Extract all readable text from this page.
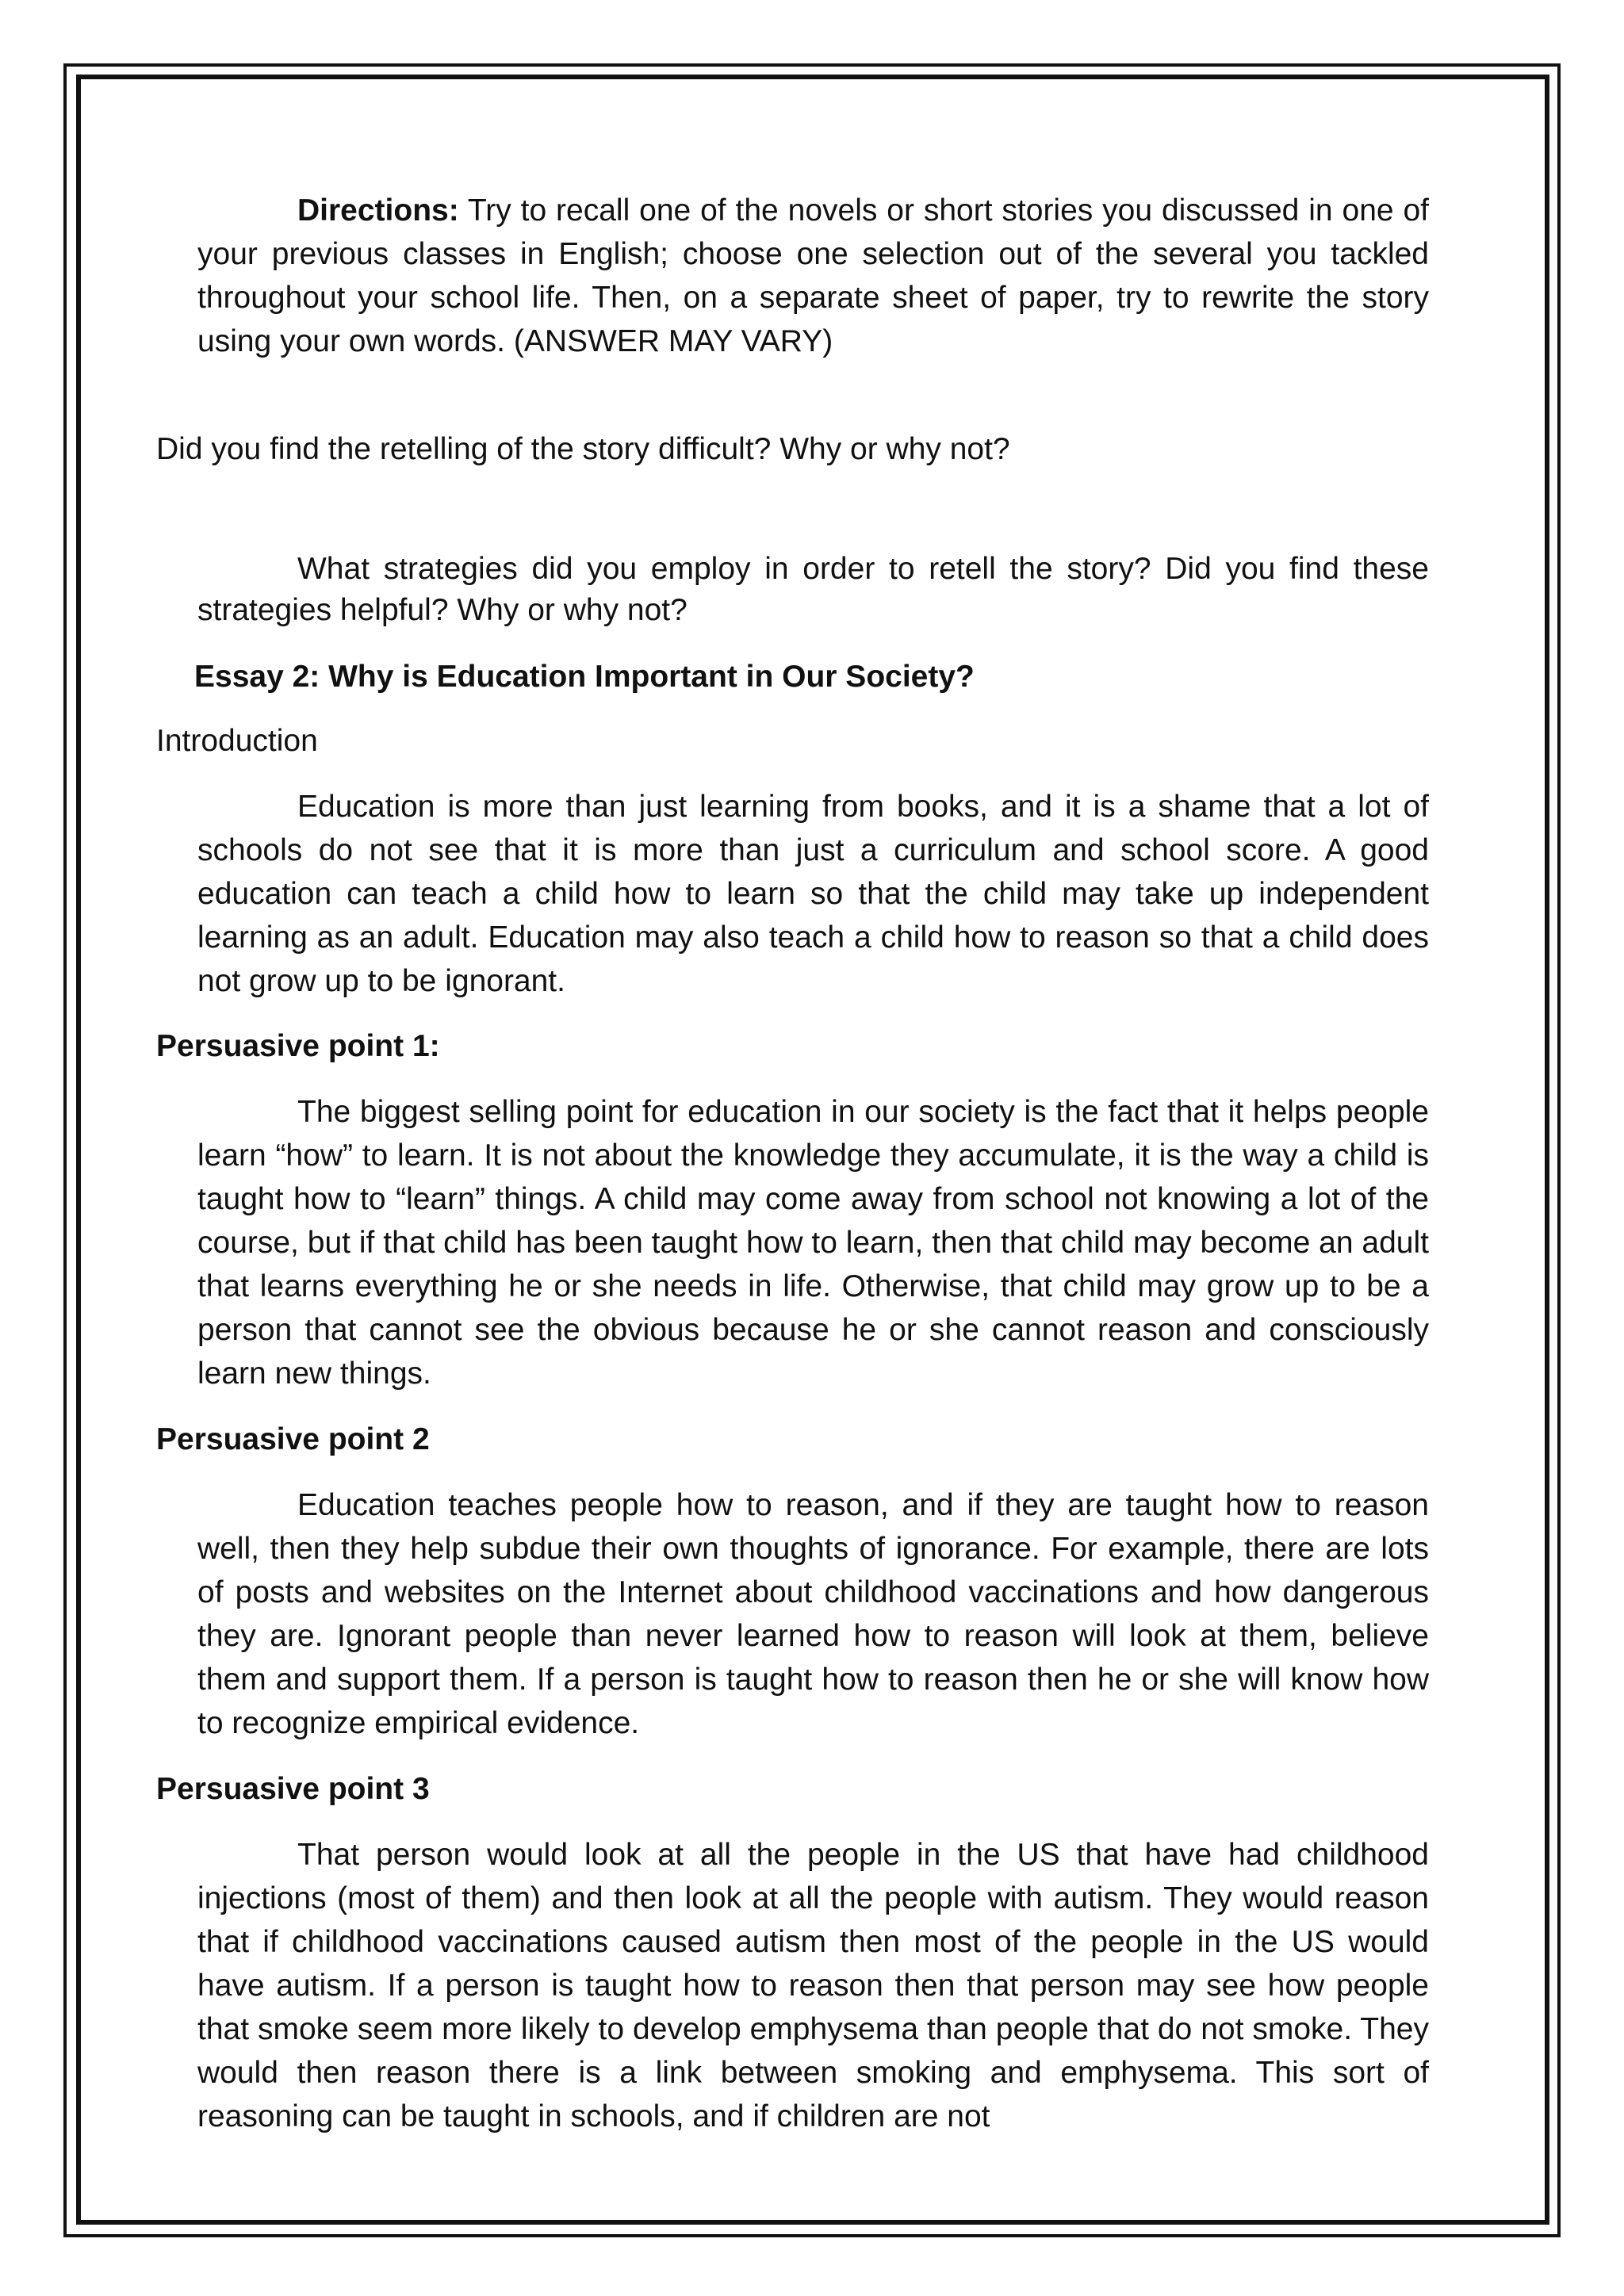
Directions: Try to recall one of the novels or short stories you discussed in one of your previous classes in English; choose one selection out of the several you tackled throughout your school life. Then, on a separate sheet of paper, try to rewrite the story using your own words. (ANSWER MAY VARY)

Did you find the retelling of the story difficult? Why or why not?

What strategies did you employ in order to retell the story? Did you find these strategies helpful? Why or why not?

Essay 2: Why is Education Important in Our Society?

Introduction

Education is more than just learning from books, and it is a shame that a lot of schools do not see that it is more than just a curriculum and school score. A good education can teach a child how to learn so that the child may take up independent learning as an adult. Education may also teach a child how to reason so that a child does not grow up to be ignorant.

Persuasive point 1:

The biggest selling point for education in our society is the fact that it helps people learn “how” to learn. It is not about the knowledge they accumulate, it is the way a child is taught how to “learn” things. A child may come away from school not knowing a lot of the course, but if that child has been taught how to learn, then that child may become an adult that learns everything he or she needs in life. Otherwise, that child may grow up to be a person that cannot see the obvious because he or she cannot reason and consciously learn new things.

Persuasive point 2

Education teaches people how to reason, and if they are taught how to reason well, then they help subdue their own thoughts of ignorance. For example, there are lots of posts and websites on the Internet about childhood vaccinations and how dangerous they are. Ignorant people than never learned how to reason will look at them, believe them and support them. If a person is taught how to reason then he or she will know how to recognize empirical evidence.

Persuasive point 3

That person would look at all the people in the US that have had childhood injections (most of them) and then look at all the people with autism. They would reason that if childhood vaccinations caused autism then most of the people in the US would have autism. If a person is taught how to reason then that person may see how people that smoke seem more likely to develop emphysema than people that do not smoke. They would then reason there is a link between smoking and emphysema. This sort of reasoning can be taught in schools, and if children are not
